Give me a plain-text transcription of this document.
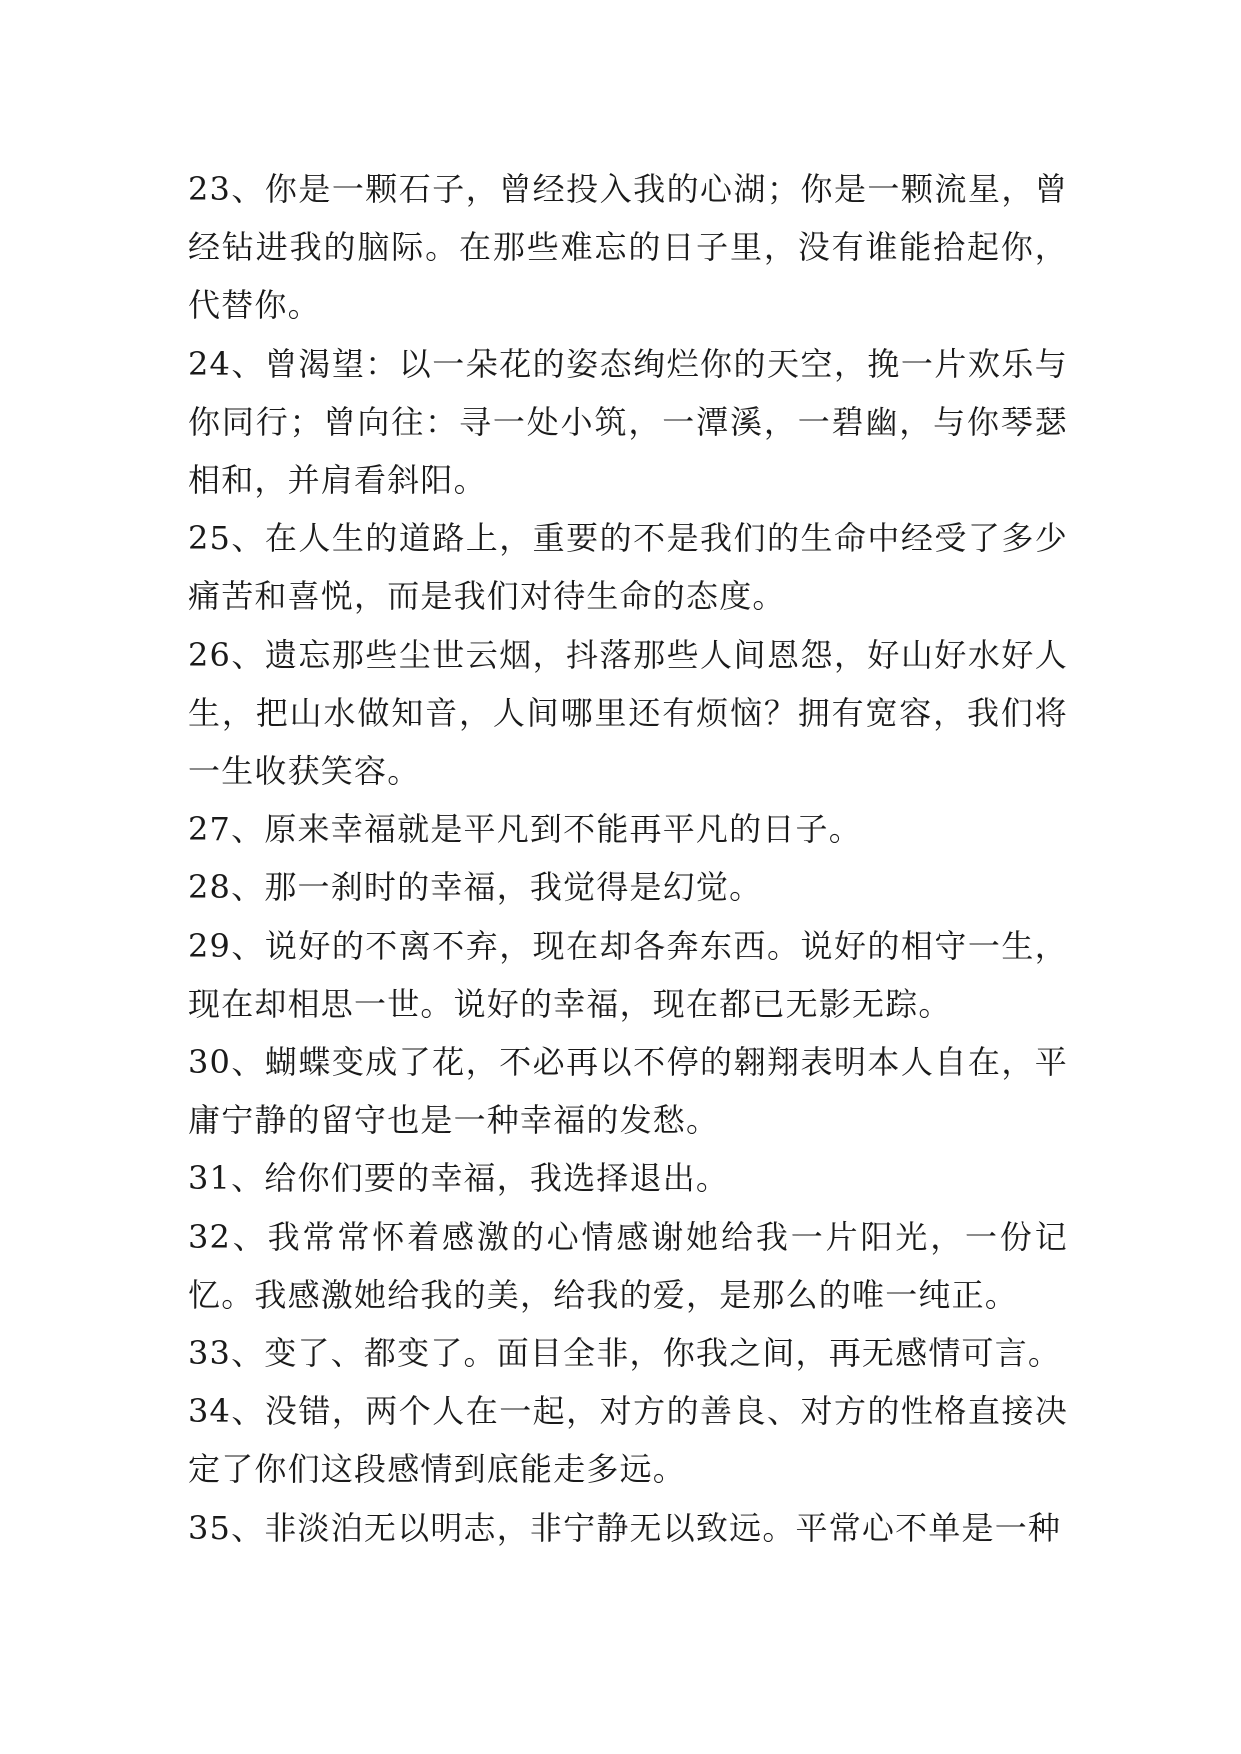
23、你是一颗石子，曾经投入我的心湖；你是一颗流星，曾经钻进我的脑际。在那些难忘的日子里，没有谁能拾起你，代替你。

24、曾渴望：以一朵花的姿态绚烂你的天空，挽一片欢乐与你同行；曾向往：寻一处小筑，一潭溪，一碧幽，与你琴瑟相和，并肩看斜阳。

25、在人生的道路上，重要的不是我们的生命中经受了多少痛苦和喜悦，而是我们对待生命的态度。

26、遗忘那些尘世云烟，抖落那些人间恩怨，好山好水好人生，把山水做知音，人间哪里还有烦恼？拥有宽容，我们将一生收获笑容。

27、原来幸福就是平凡到不能再平凡的日子。

28、那一刹时的幸福，我觉得是幻觉。

29、说好的不离不弃，现在却各奔东西。说好的相守一生，现在却相思一世。说好的幸福，现在都已无影无踪。

30、蝴蝶变成了花，不必再以不停的翱翔表明本人自在，平庸宁静的留守也是一种幸福的发愁。

31、给你们要的幸福，我选择退出。

32、我常常怀着感激的心情感谢她给我一片阳光，一份记忆。我感激她给我的美，给我的爱，是那么的唯一纯正。

33、变了、都变了。面目全非，你我之间，再无感情可言。

34、没错，两个人在一起，对方的善良、对方的性格直接决定了你们这段感情到底能走多远。

35、非淡泊无以明志，非宁静无以致远。平常心不单是一种
